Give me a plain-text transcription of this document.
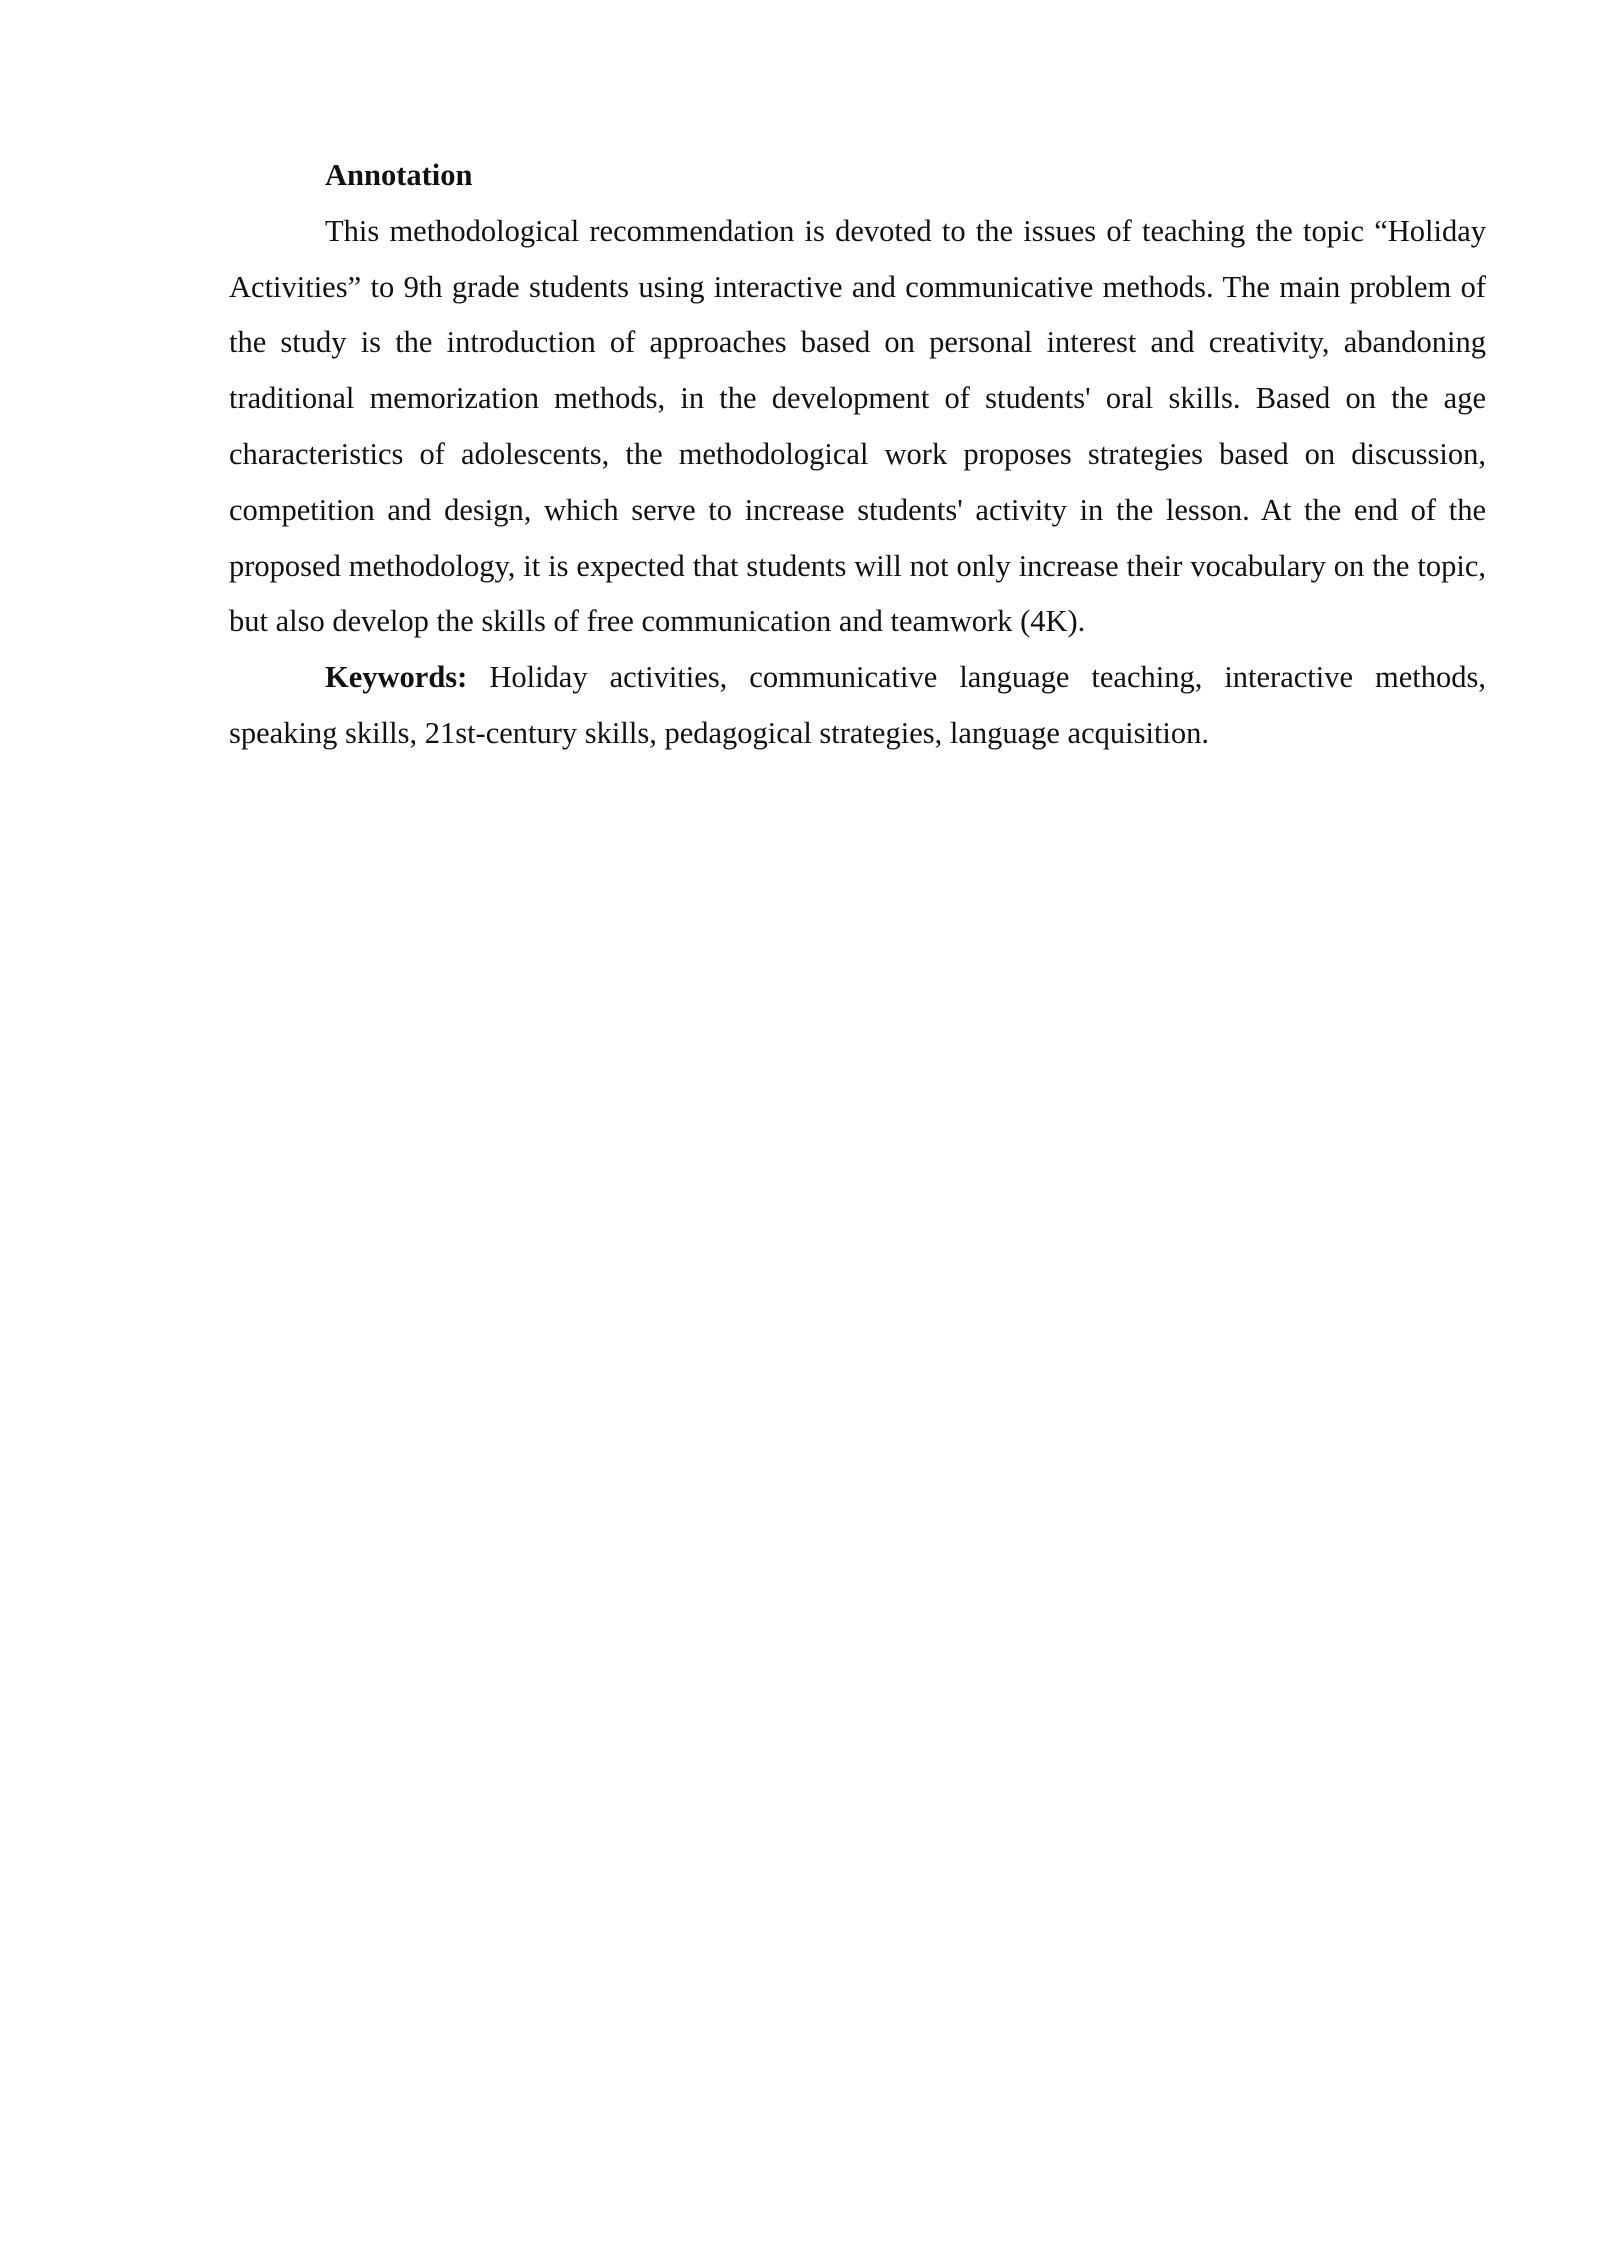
Annotation

This methodological recommendation is devoted to the issues of teaching the topic “Holiday Activities” to 9th grade students using interactive and communicative methods. The main problem of the study is the introduction of approaches based on personal interest and creativity, abandoning traditional memorization methods, in the development of students' oral skills. Based on the age characteristics of adolescents, the methodological work proposes strategies based on discussion, competition and design, which serve to increase students' activity in the lesson. At the end of the proposed methodology, it is expected that students will not only increase their vocabulary on the topic, but also develop the skills of free communication and teamwork (4K).

Keywords: Holiday activities, communicative language teaching, interactive methods, speaking skills, 21st-century skills, pedagogical strategies, language acquisition.
